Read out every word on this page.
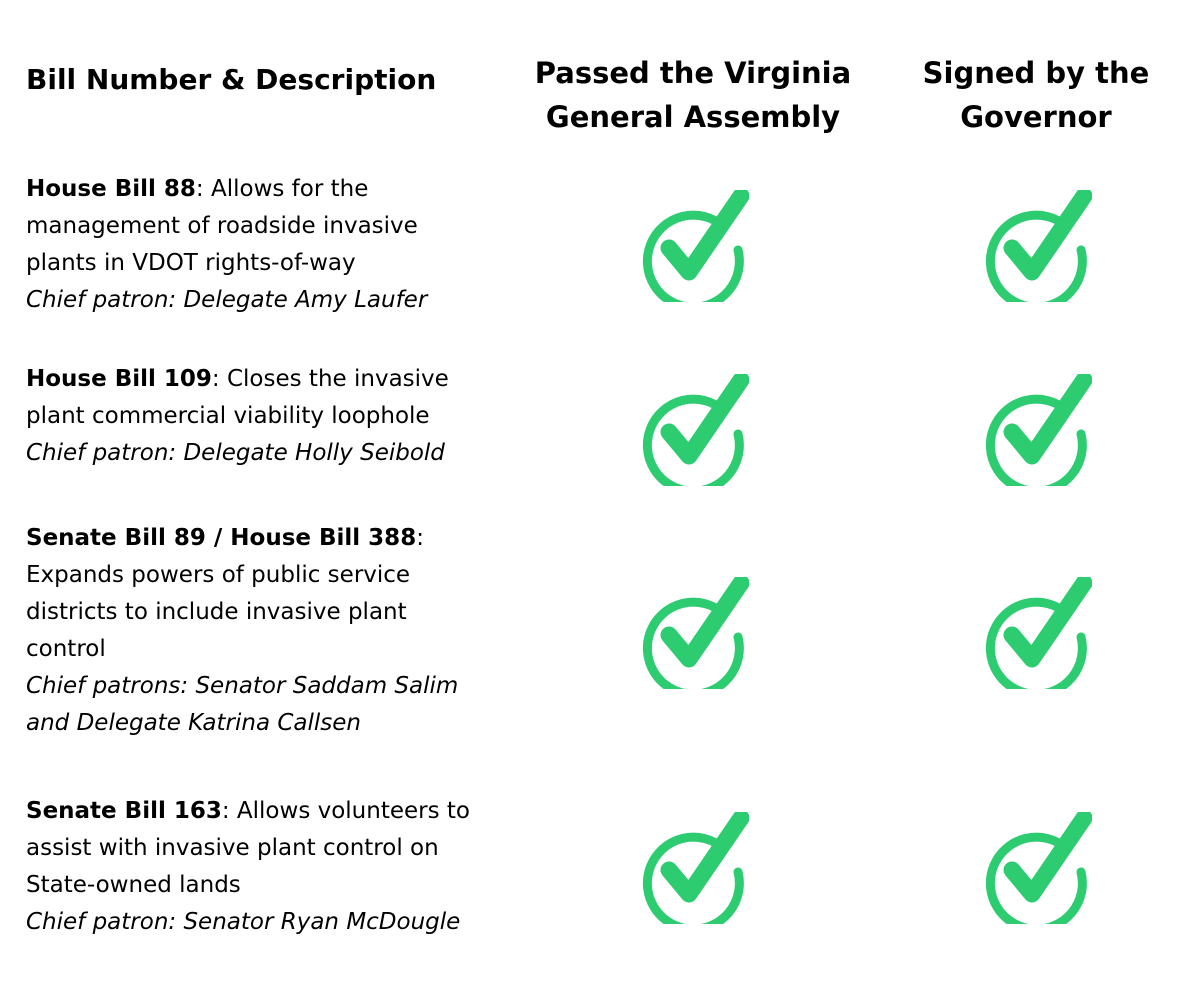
Bill Number & Description	Passed the Virginia
General Assembly
Signed by the
Governor
House Bill 88: Allows for the
management of roadside invasive
plants in VDOT rights-of-way
Chief patron: Delegate Amy Laufer
House Bill 109: Closes the invasive
plant commercial viability loophole
Chief patron: Delegate Holly Seibold
Senate Bill 89 / House Bill 388:
Expands powers of public service
districts to include invasive plant
control
Chief patrons: Senator Saddam Salim
and Delegate Katrina Callsen
Senate Bill 163: Allows volunteers to
assist with invasive plant control on
State-owned lands
Chief patron: Senator Ryan McDougle
